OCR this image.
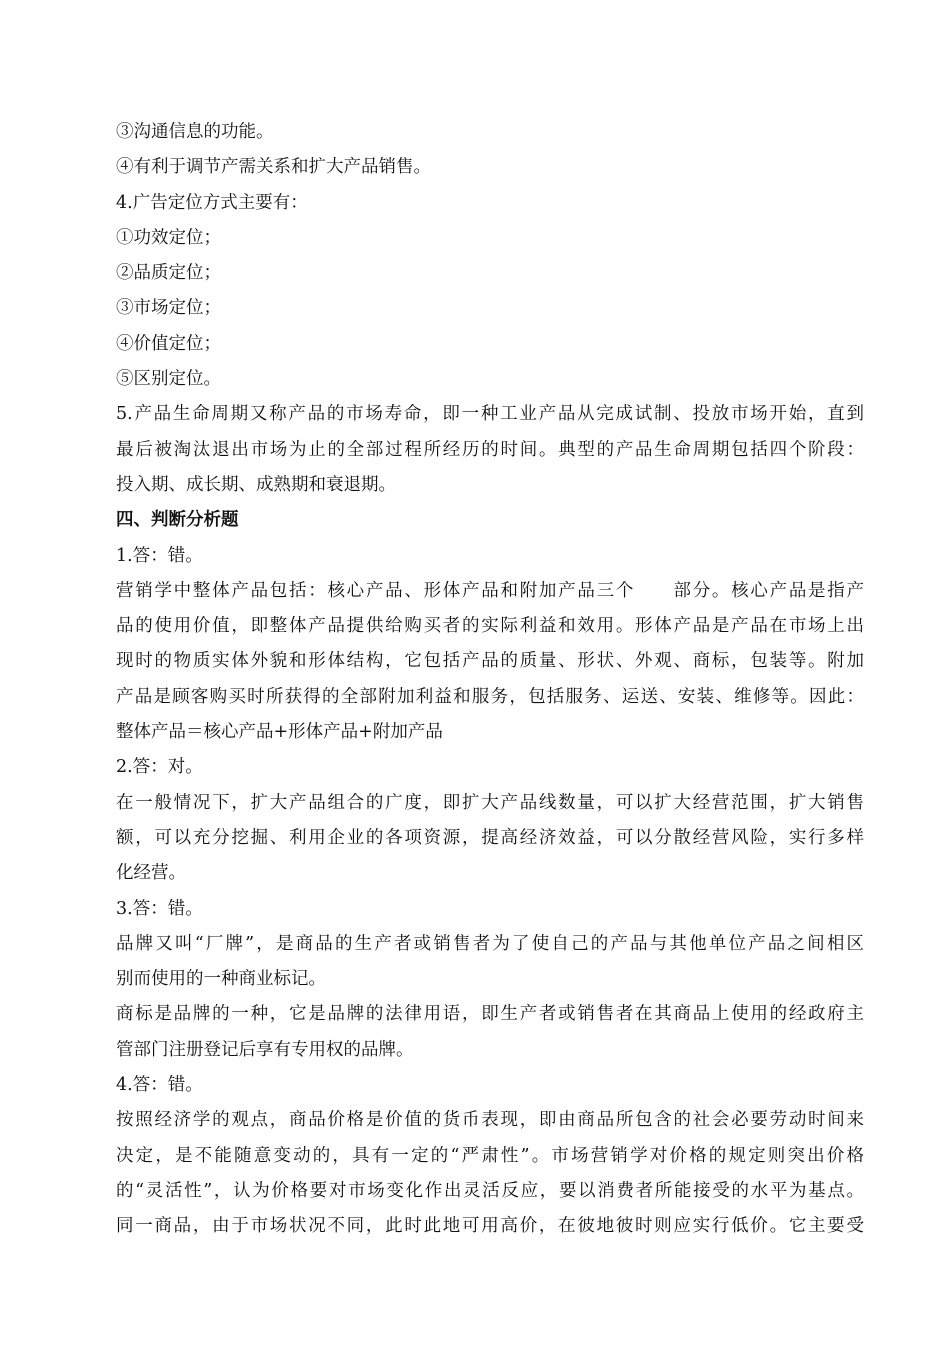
③沟通信息的功能。
④有利于调节产需关系和扩大产品销售。
4.广告定位方式主要有：
①功效定位；
②品质定位；
③市场定位；
④价值定位；
⑤区别定位。
5.产品生命周期又称产品的市场寿命，即一种工业产品从完成试制、投放市场开始，直到
最后被淘汰退出市场为止的全部过程所经历的时间。典型的产品生命周期包括四个阶段：
投入期、成长期、成熟期和衰退期。
四、判断分析题
1.答：错。
营销学中整体产品包括：核心产品、形体产品和附加产品三个　　部分。核心产品是指产
品的使用价值，即整体产品提供给购买者的实际利益和效用。形体产品是产品在市场上出
现时的物质实体外貌和形体结构，它包括产品的质量、形状、外观、商标，包装等。附加
产品是顾客购买时所获得的全部附加利益和服务，包括服务、运送、安装、维修等。因此：
整体产品＝核心产品+形体产品+附加产品
2.答：对。
在一般情况下，扩大产品组合的广度，即扩大产品线数量，可以扩大经营范围，扩大销售
额，可以充分挖掘、利用企业的各项资源，提高经济效益，可以分散经营风险，实行多样
化经营。
3.答：错。
品牌又叫“厂牌”，是商品的生产者或销售者为了使自己的产品与其他单位产品之间相区
别而使用的一种商业标记。
商标是品牌的一种，它是品牌的法律用语，即生产者或销售者在其商品上使用的经政府主
管部门注册登记后享有专用权的品牌。
4.答：错。
按照经济学的观点，商品价格是价值的货币表现，即由商品所包含的社会必要劳动时间来
决定，是不能随意变动的，具有一定的“严肃性”。市场营销学对价格的规定则突出价格
的“灵活性”，认为价格要对市场变化作出灵活反应，要以消费者所能接受的水平为基点。
同一商品，由于市场状况不同，此时此地可用高价，在彼地彼时则应实行低价。它主要受
